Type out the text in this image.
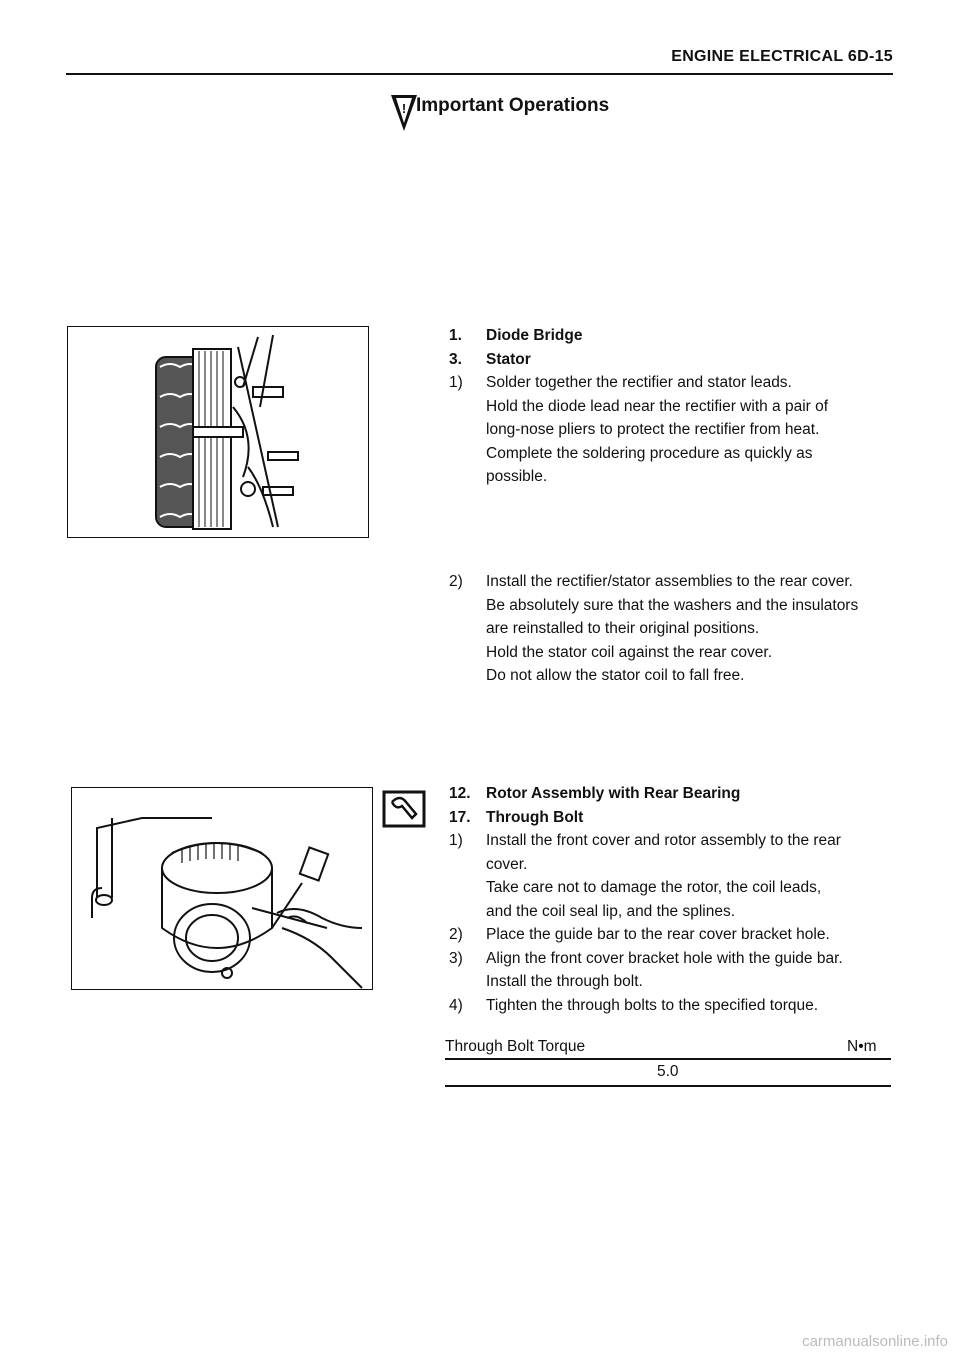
ENGINE ELECTRICAL 6D-15
! Important Operations
1.	Diode Bridge
3.	Stator
1)	Solder together the rectifier and stator leads.
Hold the diode lead near the rectifier with a pair of
long-nose pliers to protect the rectifier from heat.
Complete the soldering procedure as quickly as
possible.
2)	Install the rectifier/stator assemblies to the rear cover.
Be absolutely sure that the washers and the insulators
are reinstalled to their original positions.
Hold the stator coil against the rear cover.
Do not allow the stator coil to fall free.
12. Rotor Assembly with Rear Bearing
17. Through Bolt
1)	Install the front cover and rotor assembly to the rear
cover.
Take care not to damage the rotor, the coil leads,
and the coil seal lip, and the splines.
2)	Place the guide bar to the rear cover bracket hole.
3)	Align the front cover bracket hole with the guide bar.
Install the through bolt.
4)	Tighten the through bolts to the specified torque.
Through Bolt Torque	N•m
5.0
carmanualsonline.info
